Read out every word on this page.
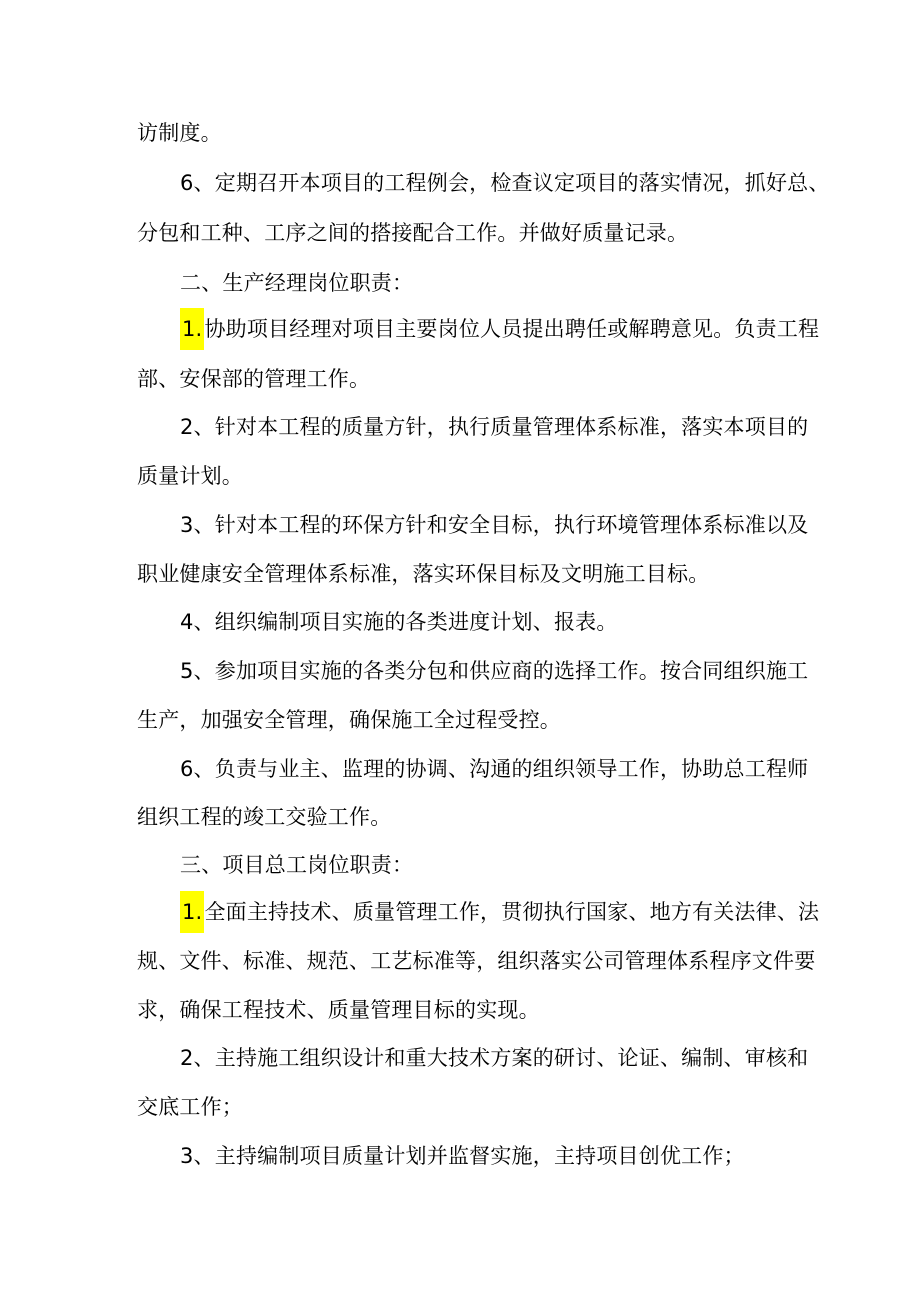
访制度。
6、定期召开本项目的工程例会，检查议定项目的落实情况，抓好总、
分包和工种、工序之间的搭接配合工作。并做好质量记录。
二、生产经理岗位职责：
1.协助项目经理对项目主要岗位人员提出聘任或解聘意见。负责工程
部、安保部的管理工作。
2、针对本工程的质量方针，执行质量管理体系标准，落实本项目的
质量计划。
3、针对本工程的环保方针和安全目标，执行环境管理体系标准以及
职业健康安全管理体系标准，落实环保目标及文明施工目标。
4、组织编制项目实施的各类进度计划、报表。
5、参加项目实施的各类分包和供应商的选择工作。按合同组织施工
生产，加强安全管理，确保施工全过程受控。
6、负责与业主、监理的协调、沟通的组织领导工作，协助总工程师
组织工程的竣工交验工作。
三、项目总工岗位职责：
1.全面主持技术、质量管理工作，贯彻执行国家、地方有关法律、法
规、文件、标准、规范、工艺标准等，组织落实公司管理体系程序文件要
求，确保工程技术、质量管理目标的实现。
2、主持施工组织设计和重大技术方案的研讨、论证、编制、审核和
交底工作；
3、主持编制项目质量计划并监督实施，主持项目创优工作；
